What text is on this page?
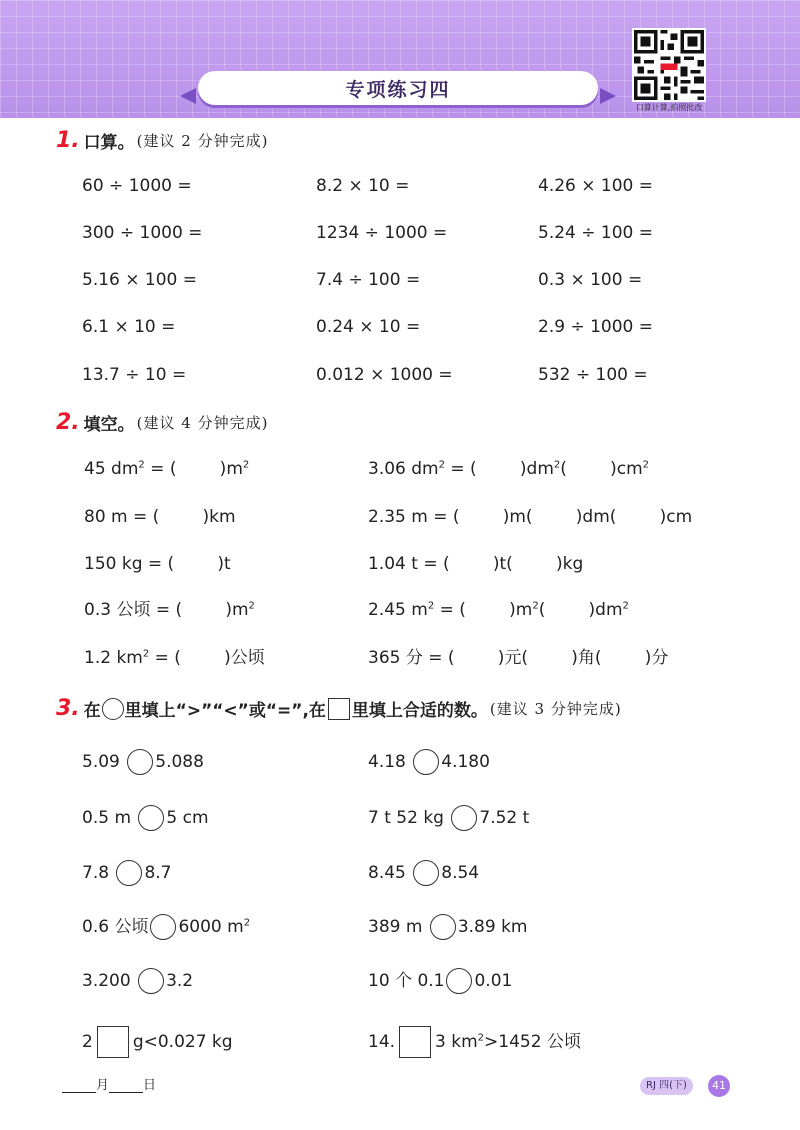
专项练习四
口算计算,拍照批改
1. 口算。 (建议 2 分钟完成)
60 ÷ 1000 =	8.2 × 10 =	4.26 × 100 =
300 ÷ 1000 =	1234 ÷ 1000 =	5.24 ÷ 100 =
5.16 × 100 =	7.4 ÷ 100 =	0.3 × 100 =
6.1 × 10 =	0.24 × 10 =	2.9 ÷ 1000 =
13.7 ÷ 10 =	0.012 × 1000 =	532 ÷ 100 =
2. 填空。 (建议 4 分钟完成)
45 $dm^2$ = (        )$m^2$	3.06 $dm^2$ = (        )$dm^2$(        )$cm^2$
80 m = (        )km	2.35 m = (        )m(        )dm(        )cm
150 kg = (        )t	1.04 t = (        )t(        )kg
0.3 公顷 = (        )$m^2$	2.45 $m^2$ = (        )$m^2$(        )$dm^2$
1.2 $km^2$ = (        )公顷	365 分 = (        )元(        )角(        )分
3. 在 里填上“>”“<”或“=”,在 里填上合适的数。 (建议 3 分钟完成)
5.09 5.088	4.18 4.180
0.5 m 5 cm	7 t 52 kg 7.52 t
7.8 8.7	8.45 8.54
0.6 公顷 6000 $m^2$	389 m 3.89 km
3.200 3.2	10 个 0.1 0.01
2 g<0.027 kg	14. 3 $km^2>1452$ 公顷
月	日	RJ 四(下)	41
